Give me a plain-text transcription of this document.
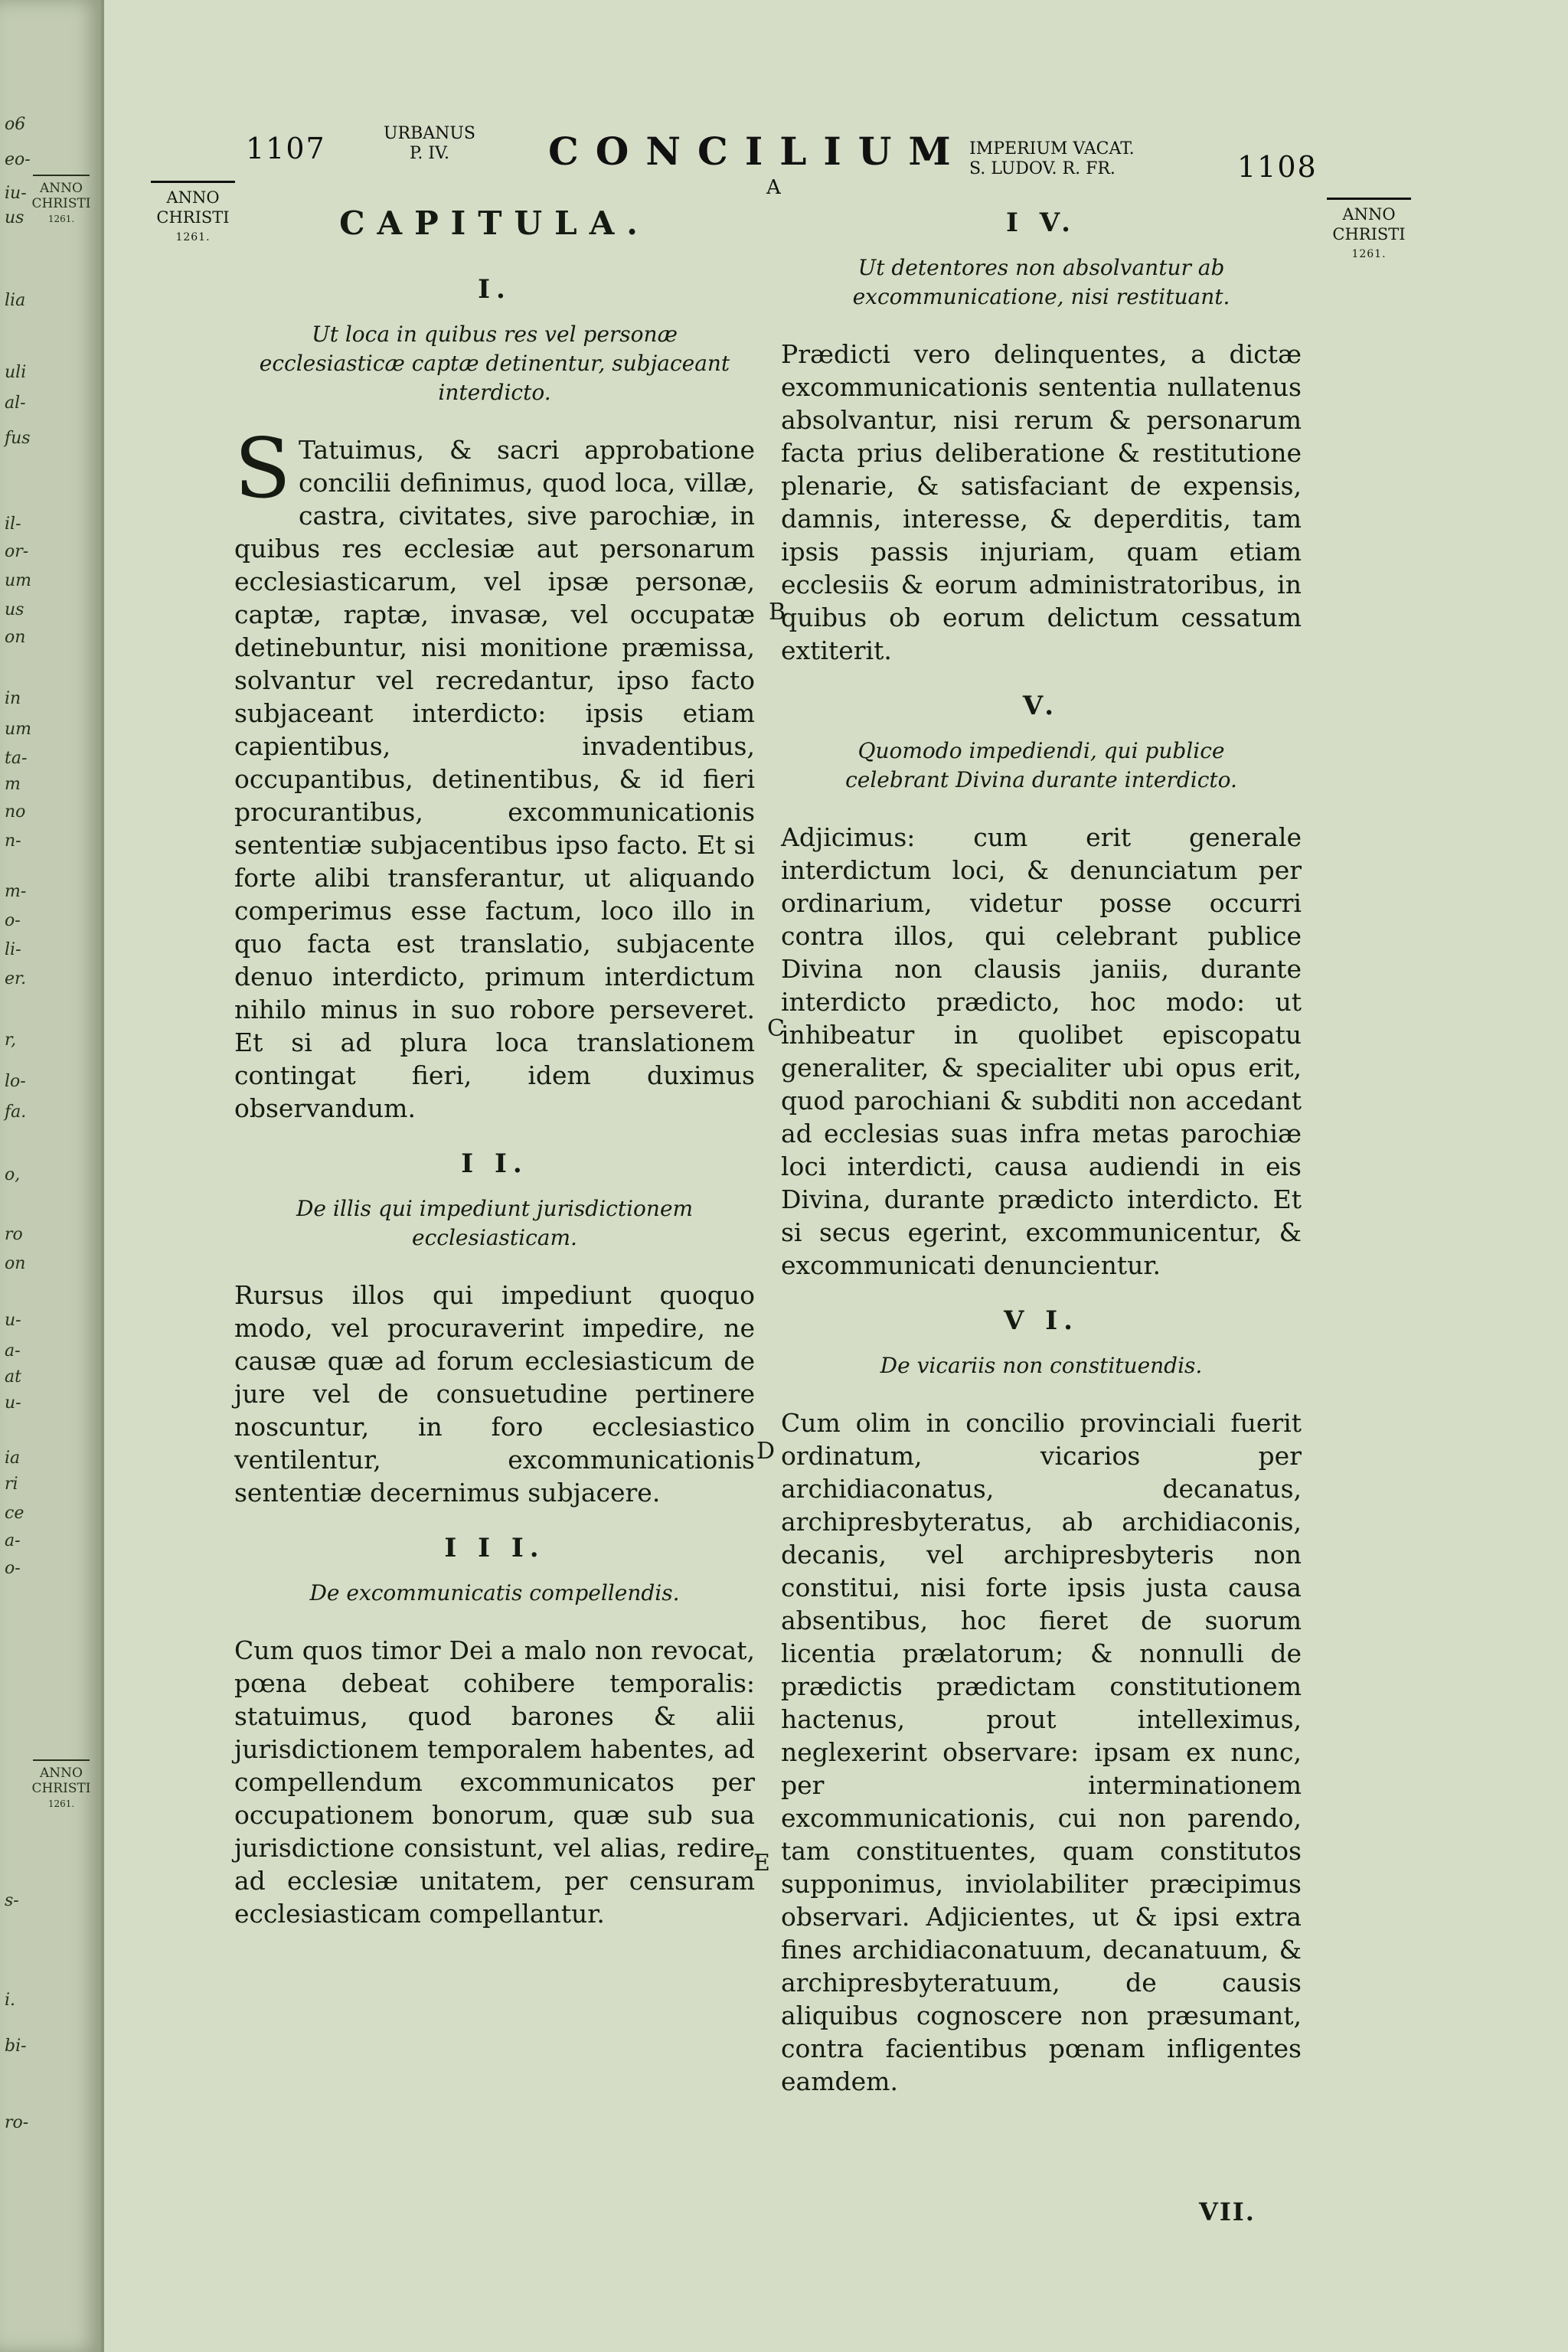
o6
eo-
iu-
us
lia
uli
al-
fus
il-
or-
um
us
on
in
um
ta-
m
no
n-
m-
o-
li-
er.
r,
lo-
fa.
o,
ro
on
u-
a-
at
u-
ia
ri
ce
a-
o-
s-
i.
bi-
ro-
ANNO
CHRISTI
1261.
ANNO
CHRISTI
1261.
1107	URBANUS
P. IV.	CONCILIUM
A
IMPERIUM VACAT.
S. LUDOV. R. FR.	1108
ANNO
CHRISTI
1261.
ANNO
CHRISTI
1261.
B
C
D
E
CAPITULA.
I.
Ut loca in quibus res vel personæ ecclesiasticæ captæ detinentur, subjaceant interdicto.

S Tatuimus, & sacri approbatione concilii definimus, quod loca, villæ, castra, civitates, sive parochiæ, in quibus res ecclesiæ aut personarum ecclesiasticarum, vel ipsæ personæ, captæ, raptæ, invasæ, vel occupatæ detinebuntur, nisi monitione præmissa, solvantur vel recredantur, ipso facto subjaceant interdicto: ipsis etiam capientibus, invadentibus, occupantibus, detinentibus, & id fieri procurantibus, excommunicationis sententiæ subjacentibus ipso facto. Et si forte alibi transferantur, ut aliquando comperimus esse factum, loco illo in quo facta est translatio, subjacente denuo interdicto, primum interdictum nihilo minus in suo robore perseveret. Et si ad plura loca translationem contingat fieri, idem duximus observandum.

I I.
De illis qui impediunt jurisdictionem ecclesiasticam.

Rursus illos qui impediunt quoquo modo, vel procuraverint impedire, ne causæ quæ ad forum ecclesiasticum de jure vel de consuetudine pertinere noscuntur, in foro ecclesiastico ventilentur, excommunicationis sententiæ decernimus subjacere.

I I I.
De excommunicatis compellendis.

Cum quos timor Dei a malo non revocat, pœna debeat cohibere temporalis: statuimus, quod barones & alii jurisdictionem temporalem habentes, ad compellendum excommunicatos per occupationem bonorum, quæ sub sua jurisdictione consistunt, vel alias, redire ad ecclesiæ unitatem, per censuram ecclesiasticam compellantur.

I V.
Ut detentores non absolvantur ab excommunicatione, nisi restituant.

Prædicti vero delinquentes, a dictæ excommunicationis sententia nullatenus absolvantur, nisi rerum & personarum facta prius deliberatione & restitutione plenarie, & satisfaciant de expensis, damnis, interesse, & deperditis, tam ipsis passis injuriam, quam etiam ecclesiis & eorum administratoribus, in quibus ob eorum delictum cessatum extiterit.

V.
Quomodo impediendi, qui publice celebrant Divina durante interdicto.

Adjicimus: cum erit generale interdictum loci, & denunciatum per ordinarium, videtur posse occurri contra illos, qui celebrant publice Divina non clausis janiis, durante interdicto prædicto, hoc modo: ut inhibeatur in quolibet episcopatu generaliter, & specialiter ubi opus erit, quod parochiani & subditi non accedant ad ecclesias suas infra metas parochiæ loci interdicti, causa audiendi in eis Divina, durante prædicto interdicto. Et si secus egerint, excommunicentur, & excommunicati denuncientur.

V I.
De vicariis non constituendis.

Cum olim in concilio provinciali fuerit ordinatum, vicarios per archidiaconatus, decanatus, archipresbyteratus, ab archidiaconis, decanis, vel archipresbyteris non constitui, nisi forte ipsis justa causa absentibus, hoc fieret de suorum licentia prælatorum; & nonnulli de prædictis prædictam constitutionem hactenus, prout intelleximus, neglexerint observare: ipsam ex nunc, per interminationem excommunicationis, cui non parendo, tam constituentes, quam constitutos supponimus, inviolabiliter præcipimus observari. Adjicientes, ut & ipsi extra fines archidiaconatuum, decanatuum, & archipresbyteratuum, de causis aliquibus cognoscere non præsumant, contra facientibus pœnam infligentes eamdem.

VII.
